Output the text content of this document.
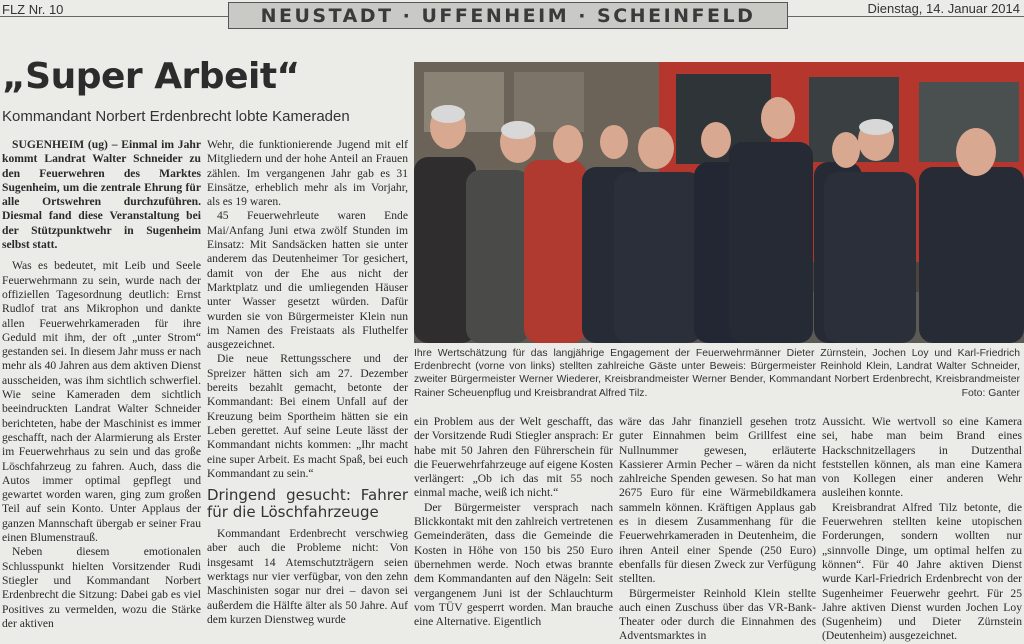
FLZ Nr. 10	NEUSTADT · UFFENHEIM · SCHEINFELD	Dienstag, 14. Januar 2014
„Super Arbeit“
Kommandant Norbert Erdenbrecht lobte Kameraden

SUGENHEIM (ug) – Einmal im Jahr kommt Landrat Walter Schneider zu den Feuerwehren des Marktes Sugenheim, um die zentrale Ehrung für alle Ortswehren durchzuführen. Diesmal fand diese Veranstaltung bei der Stützpunktwehr in Sugenheim selbst statt.

Was es bedeutet, mit Leib und Seele Feuerwehrmann zu sein, wurde nach der offiziellen Tagesordnung deutlich: Ernst Rudlof trat ans Mikrophon und dankte allen Feuerwehrkameraden für ihre Geduld mit ihm, der oft „unter Strom“ gestanden sei. In diesem Jahr muss er nach mehr als 40 Jahren aus dem aktiven Dienst ausscheiden, was ihm sichtlich schwerfiel. Wie seine Kameraden dem sichtlich beeindruckten Landrat Walter Schneider berichteten, habe der Maschinist es immer geschafft, nach der Alarmierung als Erster im Feuerwehrhaus zu sein und das große Löschfahrzeug zu fahren. Auch, dass die Autos immer optimal gepflegt und gewartet worden waren, ging zum großen Teil auf sein Konto. Unter Applaus der ganzen Mannschaft übergab er seiner Frau einen Blumenstrauß.

Neben diesem emotionalen Schlusspunkt hielten Vorsitzender Rudi Stiegler und Kommandant Norbert Erdenbrecht die Sitzung: Dabei gab es viel Positives zu vermelden, wozu die Stärke der aktiven

Wehr, die funktionierende Jugend mit elf Mitgliedern und der hohe Anteil an Frauen zählen. Im vergangenen Jahr gab es 31 Einsätze, erheblich mehr als im Vorjahr, als es 19 waren.

45 Feuerwehrleute waren Ende Mai/Anfang Juni etwa zwölf Stunden im Einsatz: Mit Sandsäcken hatten sie unter anderem das Deutenheimer Tor gesichert, damit von der Ehe aus nicht der Marktplatz und die umliegenden Häuser unter Wasser gesetzt würden. Dafür wurden sie von Bürgermeister Klein nun im Namen des Freistaats als Fluthelfer ausgezeichnet.

Die neue Rettungsschere und der Spreizer hätten sich am 27. Dezember bereits bezahlt gemacht, betonte der Kommandant: Bei einem Unfall auf der Kreuzung beim Sportheim hätten sie ein Leben gerettet. Auf seine Leute lässt der Kommandant nichts kommen: „Ihr macht eine super Arbeit. Es macht Spaß, bei euch Kommandant zu sein.“

Dringend gesucht: Fahrer für die Löschfahrzeuge

Kommandant Erdenbrecht verschwieg aber auch die Probleme nicht: Von insgesamt 14 Atemschutzträgern seien werktags nur vier verfügbar, von den zehn Maschinisten sogar nur drei – davon sei außerdem die Hälfte älter als 50 Jahre. Auf dem kurzen Dienstweg wurde

Ihre Wertschätzung für das langjährige Engagement der Feuerwehrmänner Dieter Zürnstein, Jochen Loy und Karl-Friedrich Erdenbrecht (vorne von links) stellten zahlreiche Gäste unter Beweis: Bürgermeister Reinhold Klein, Landrat Walter Schneider, zweiter Bürgermeister Werner Wiederer, Kreisbrandmeister Werner Bender, Kommandant Norbert Erdenbrecht, Kreisbrandmeister Rainer Scheuenpflug und Kreisbrandrat Alfred Tilz.	Foto: Ganter

ein Problem aus der Welt geschafft, das der Vorsitzende Rudi Stiegler ansprach: Er habe mit 50 Jahren den Führerschein für die Feuerwehrfahrzeuge auf eigene Kosten verlängert: „Ob ich das mit 55 noch einmal mache, weiß ich nicht.“

Der Bürgermeister versprach nach Blickkontakt mit den zahlreich vertretenen Gemeinderäten, dass die Gemeinde die Kosten in Höhe von 150 bis 250 Euro übernehmen werde. Noch etwas brannte dem Kommandanten auf den Nägeln: Seit vergangenem Juni ist der Schlauchturm vom TÜV gesperrt worden. Man brauche eine Alternative. Eigentlich

wäre das Jahr finanziell gesehen trotz guter Einnahmen beim Grillfest eine Nullnummer gewesen, erläuterte Kassierer Armin Pecher – wären da nicht zahlreiche Spenden gewesen. So hat man 2675 Euro für eine Wärmebildkamera sammeln können. Kräftigen Applaus gab es in diesem Zusammenhang für die Feuerwehrkameraden in Deutenheim, die ihren Anteil einer Spende (250 Euro) ebenfalls für diesen Zweck zur Verfügung stellten.

Bürgermeister Reinhold Klein stellte auch einen Zuschuss über das VR-Bank-Theater oder durch die Einnahmen des Adventsmarktes in

Aussicht. Wie wertvoll so eine Kamera sei, habe man beim Brand eines Hackschnitzellagers in Dutzenthal feststellen können, als man eine Kamera von Kollegen einer anderen Wehr ausleihen konnte.

Kreisbrandrat Alfred Tilz betonte, die Feuerwehren stellten keine utopischen Forderungen, sondern wollten nur „sinnvolle Dinge, um optimal helfen zu können“. Für 40 Jahre aktiven Dienst wurde Karl-Friedrich Erdenbrecht von der Sugenheimer Feuerwehr geehrt. Für 25 Jahre aktiven Dienst wurden Jochen Loy (Sugenheim) und Dieter Zürnstein (Deutenheim) ausgezeichnet.
